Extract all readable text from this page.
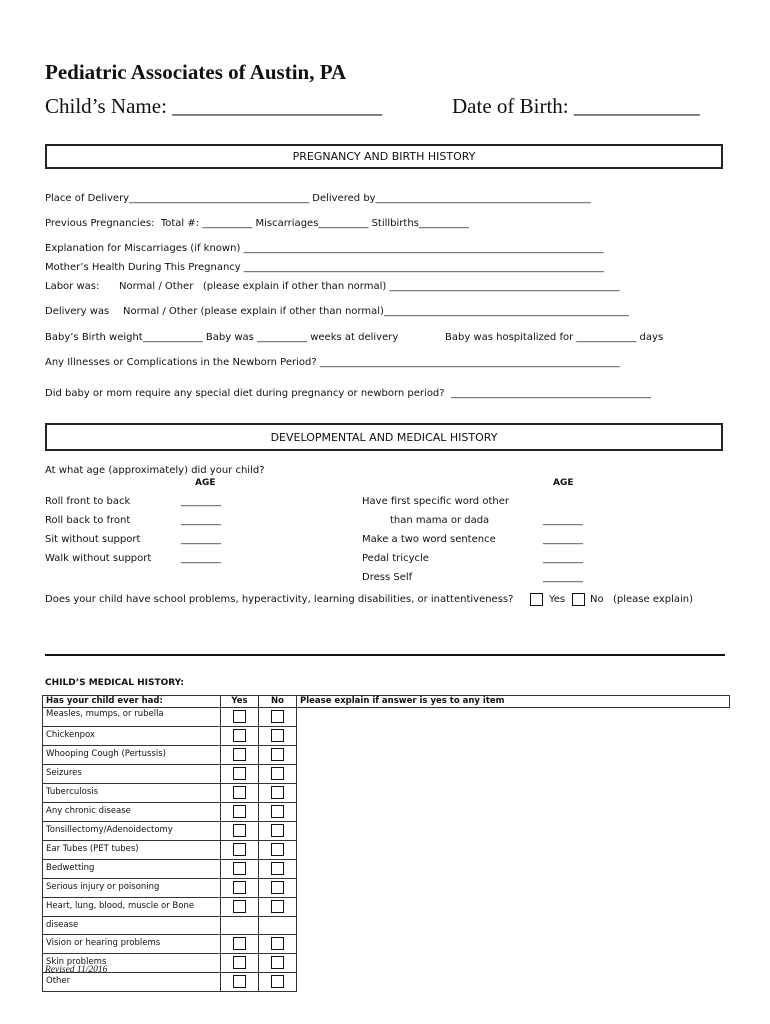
Pediatric Associates of Austin, PA
Child’s Name: ____________________	Date of Birth: ____________
PREGNANCY AND BIRTH HISTORY
Place of Delivery____________________________________ Delivered by___________________________________________
Previous Pregnancies:  Total #: __________ Miscarriages__________ Stillbirths__________
Explanation for Miscarriages (if known) ________________________________________________________________________
Mother’s Health During This Pregnancy ________________________________________________________________________
Labor was: Normal / Other   (please explain if other than normal) ______________________________________________
Delivery was Normal / Other (please explain if other than normal)_________________________________________________
Baby’s Birth weight____________ Baby was __________ weeks at delivery	Baby was hospitalized for ____________ days
Any Illnesses or Complications in the Newborn Period? ____________________________________________________________
Did baby or mom require any special diet during pregnancy or newborn period?  ________________________________________
DEVELOPMENTAL AND MEDICAL HISTORY
At what age (approximately) did your child?
AGE	AGE
Roll front to back	________
Roll back to front	________
Sit without support	________
Walk without support	________
Have first specific word other
than mama or dada	________
Make a two word sentence	________
Pedal tricycle	________
Dress Self	________
Does your child have school problems, hyperactivity, learning disabilities, or inattentiveness?	Yes No (please explain)
CHILD’S MEDICAL HISTORY:
Has your child ever had:	Yes	No	Please explain if answer is yes to any item
Measles, mumps, or rubella			
Chickenpox			
Whooping Cough (Pertussis)			
Seizures			
Tuberculosis			
Any chronic disease			
Tonsillectomy/Adenoidectomy			
Ear Tubes (PET tubes)			
Bedwetting			
Serious injury or poisoning			
Heart, lung, blood, muscle or Bone			
disease			
Vision or hearing problems			
Skin problems			
Other			
Revised 11/2016
